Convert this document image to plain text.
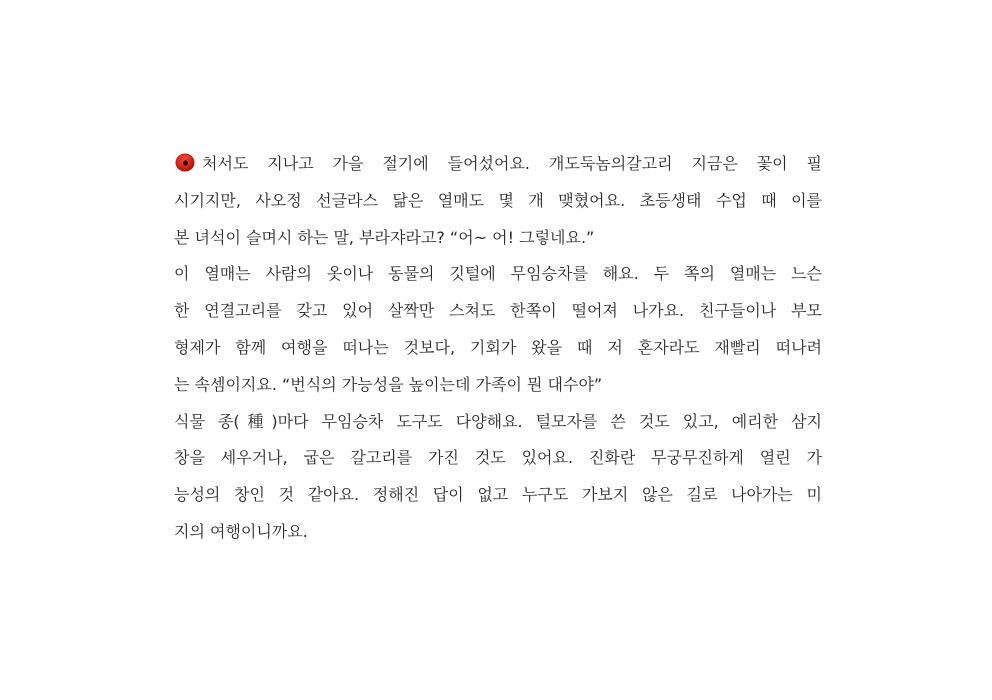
처서도 지나고 가을 절기에 들어섰어요. 개도둑놈의갈고리 지금은 꽃이 필
시기지만, 사오정 선글라스 닮은 열매도 몇 개 맺혔어요. 초등생태 수업 때 이를
본 녀석이 슬며시 하는 말, 부라쟈라고? “어~ 어! 그렇네요.”
이 열매는 사람의 옷이나 동물의 깃털에 무임승차를 해요. 두 쪽의 열매는 느슨
한 연결고리를 갖고 있어 살짝만 스쳐도 한쪽이 떨어져 나가요. 친구들이나 부모
형제가 함께 여행을 떠나는 것보다, 기회가 왔을 때 저 혼자라도 재빨리 떠나려
는 속셈이지요. “번식의 가능성을 높이는데 가족이 뭔 대수야”
식물 종(種)마다 무임승차 도구도 다양해요. 털모자를 쓴 것도 있고, 예리한 삼지
창을 세우거나, 굽은 갈고리를 가진 것도 있어요. 진화란 무궁무진하게 열린 가
능성의 창인 것 같아요. 정해진 답이 없고 누구도 가보지 않은 길로 나아가는 미
지의 여행이니까요.
